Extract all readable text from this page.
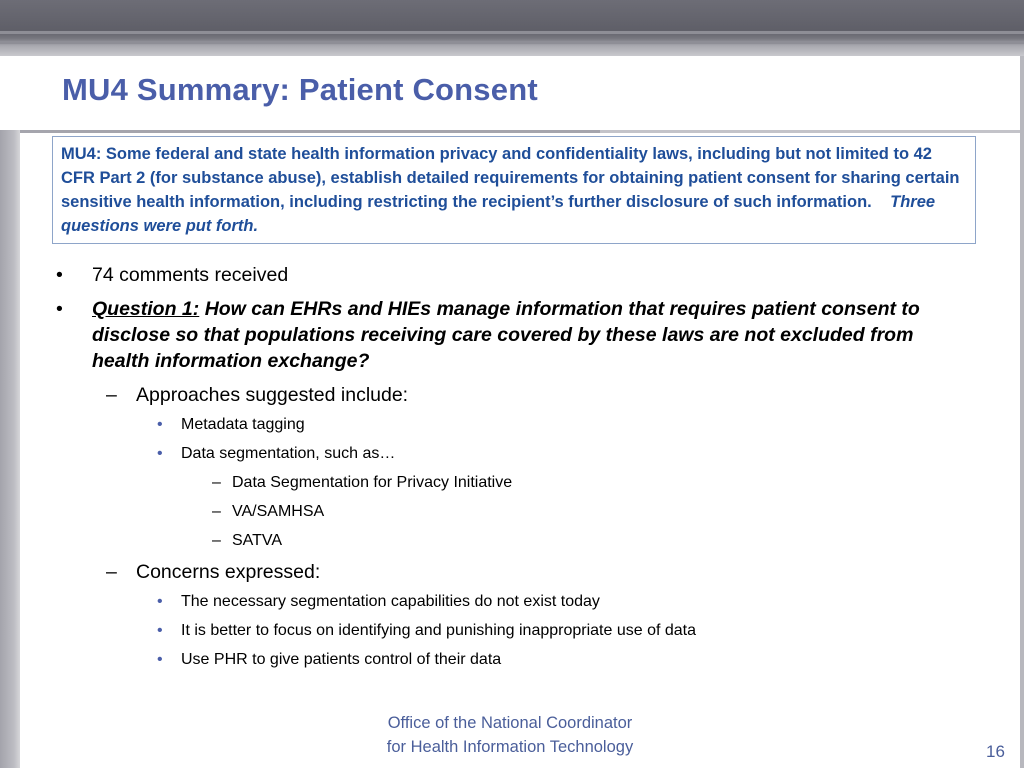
MU4 Summary: Patient Consent
MU4: Some federal and state health information privacy and confidentiality laws, including but not limited to 42 CFR Part 2 (for substance abuse), establish detailed requirements for obtaining patient consent for sharing certain sensitive health information, including restricting the recipient’s further disclosure of such information. Three questions were put forth.
• 74 comments received
• Question 1: How can EHRs and HIEs manage information that requires patient consent to disclose so that populations receiving care covered by these laws are not excluded from health information exchange?
– Approaches suggested include:
• Metadata tagging
• Data segmentation, such as…
– Data Segmentation for Privacy Initiative
– VA/SAMHSA
– SATVA
– Concerns expressed:
• The necessary segmentation capabilities do not exist today
• It is better to focus on identifying and punishing inappropriate use of data
• Use PHR to give patients control of their data
Office of the National Coordinator
for Health Information Technology	16
